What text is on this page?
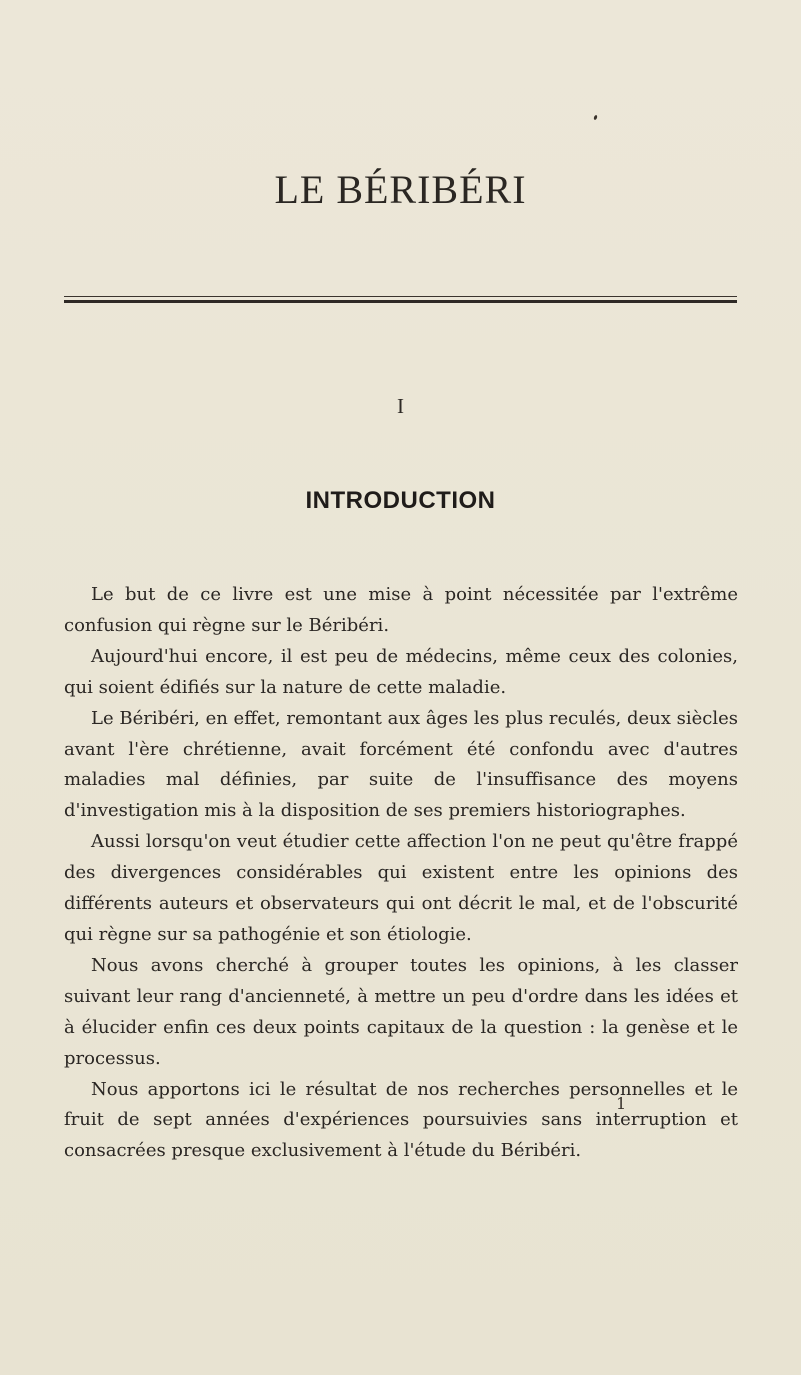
LE BÉRIBÉRI

I

INTRODUCTION

Le but de ce livre est une mise à point nécessitée par l'extrême confusion qui règne sur le Béribéri.

Aujourd'hui encore, il est peu de médecins, même ceux des colonies, qui soient édifiés sur la nature de cette maladie.

Le Béribéri, en effet, remontant aux âges les plus reculés, deux siècles avant l'ère chrétienne, avait forcément été confondu avec d'autres maladies mal définies, par suite de l'insuffisance des moyens d'investigation mis à la disposition de ses premiers historiographes.

Aussi lorsqu'on veut étudier cette affection l'on ne peut qu'être frappé des divergences considérables qui existent entre les opinions des différents auteurs et observateurs qui ont décrit le mal, et de l'obscurité qui règne sur sa pathogénie et son étiologie.

Nous avons cherché à grouper toutes les opinions, à les classer suivant leur rang d'ancienneté, à mettre un peu d'ordre dans les idées et à élucider enfin ces deux points capitaux de la question : la genèse et le processus.

Nous apportons ici le résultat de nos recherches personnelles et le fruit de sept années d'expériences poursuivies sans interruption et consacrées presque exclusivement à l'étude du Béribéri.

1
